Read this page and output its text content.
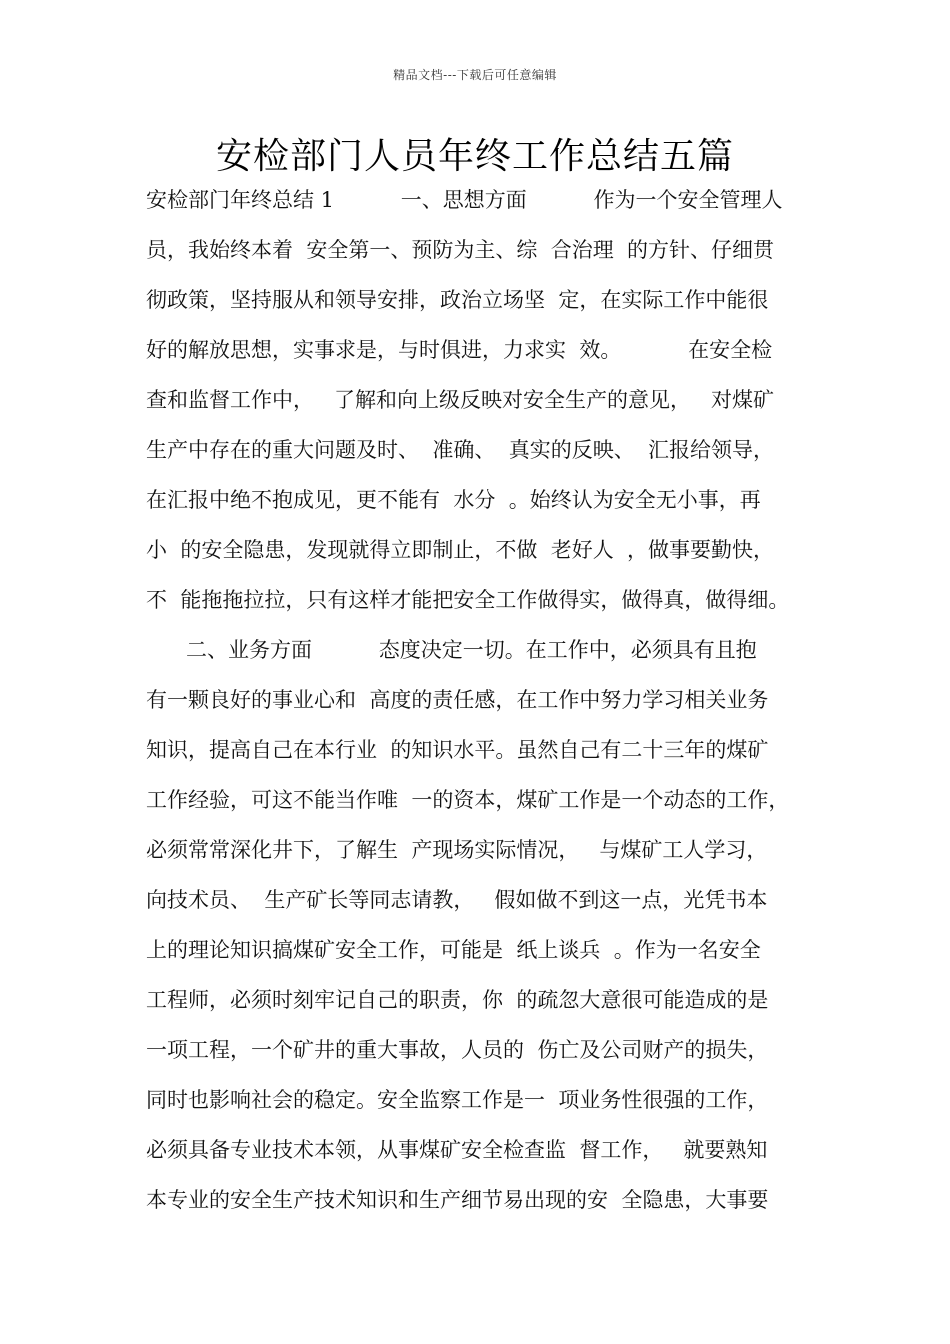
精品文档---下载后可任意编辑
安检部门人员年终工作总结五篇
安检部门年终总结 1          一、思想方面          作为一个安全管理人
员，我始终本着  安全第一、预防为主、综  合治理  的方针、仔细贯
彻政策，坚持服从和领导安排，政治立场坚  定，在实际工作中能很
好的解放思想，实事求是，与时俱进，力求实  效。          在安全检
查和监督工作中，   了解和向上级反映对安全生产的意见，   对煤矿
生产中存在的重大问题及时、  准确、  真实的反映、  汇报给领导，
在汇报中绝不抱成见，更不能有  水分  。始终认为安全无小事，再
小  的安全隐患，发现就得立即制止，不做  老好人  ，做事要勤快，
不  能拖拖拉拉，只有这样才能把安全工作做得实，做得真，做得细。
二、业务方面          态度决定一切。在工作中，必须具有且抱
有一颗良好的事业心和  高度的责任感，在工作中努力学习相关业务
知识，提高自己在本行业  的知识水平。虽然自己有二十三年的煤矿
工作经验，可这不能当作唯  一的资本，煤矿工作是一个动态的工作，
必须常常深化井下，了解生  产现场实际情况，   与煤矿工人学习，
向技术员、  生产矿长等同志请教，   假如做不到这一点，光凭书本
上的理论知识搞煤矿安全工作，可能是  纸上谈兵  。作为一名安全
工程师，必须时刻牢记自己的职责，你  的疏忽大意很可能造成的是
一项工程，一个矿井的重大事故，人员的  伤亡及公司财产的损失，
同时也影响社会的稳定。安全监察工作是一  项业务性很强的工作，
必须具备专业技术本领，从事煤矿安全检查监  督工作，   就要熟知
本专业的安全生产技术知识和生产细节易出现的安  全隐患，大事要
